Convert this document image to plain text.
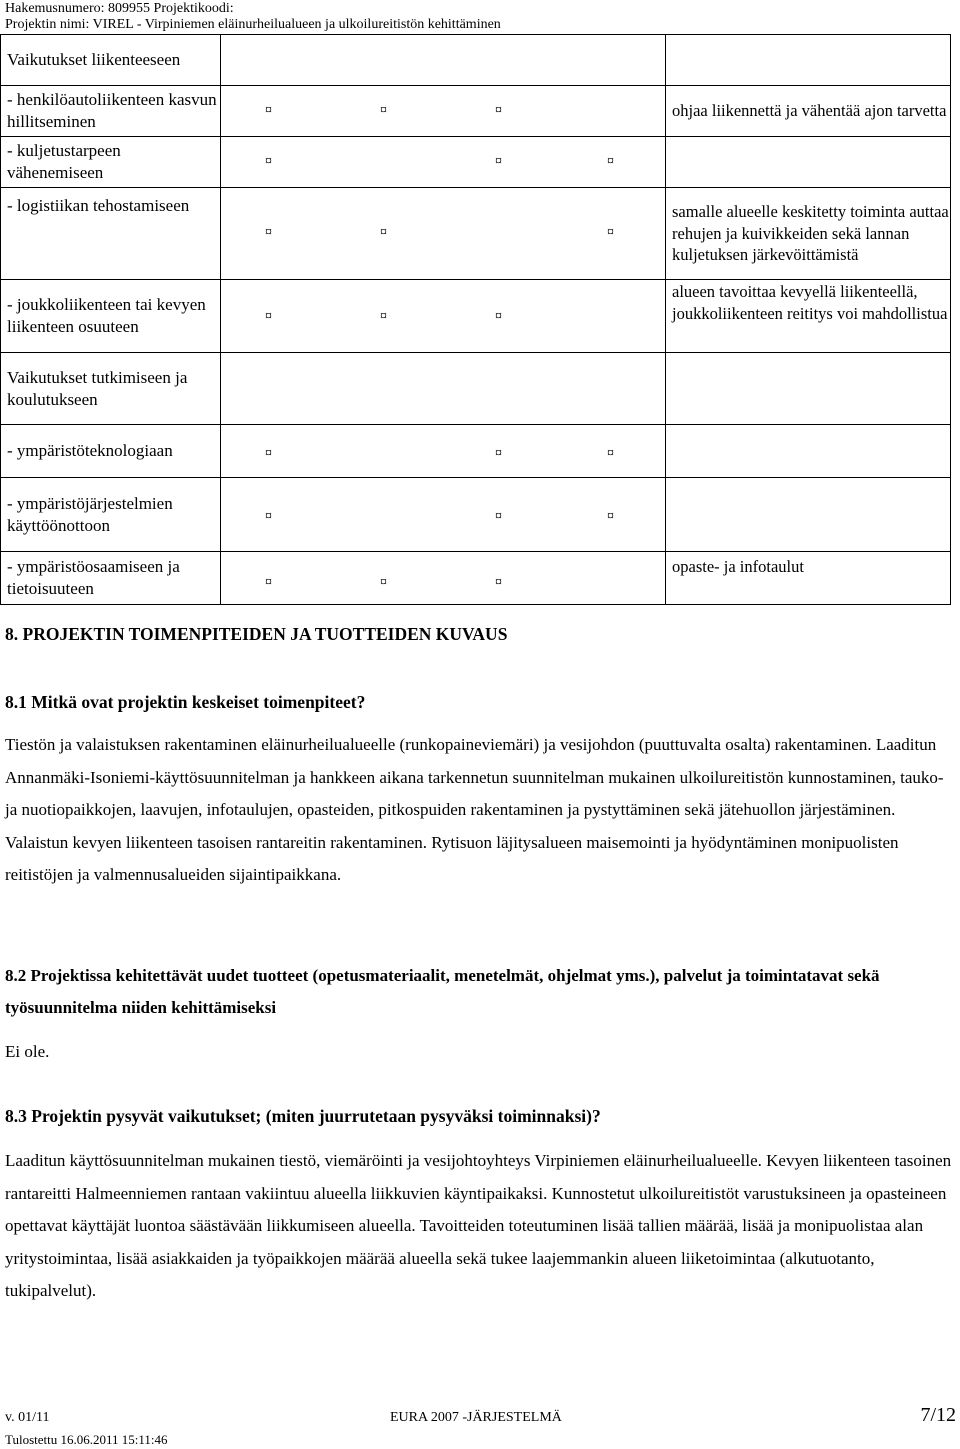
Hakemusnumero: 809955 Projektikoodi:
Projektin nimi: VIREL - Virpiniemen eläinurheilualueen ja ulkoilureitistön kehittäminen
Vaikutukset liikenteeseen		
- henkilöautoliikenteen kasvun hillitseminen	¤ ¤ ¤	ohjaa liikennettä ja vähentää ajon tarvetta
- kuljetustarpeen vähenemiseen	¤ ¤ ¤	

- logistiikan tehostamiseen	¤ ¤ ¤	samalle alueelle keskitetty toiminta auttaa rehujen ja kuivikkeiden sekä lannan kuljetuksen järkevöittämistä
- joukkoliikenteen tai kevyen liikenteen osuuteen	¤ ¤ ¤	alueen tavoittaa kevyellä liikenteellä, joukkoliikenteen reititys voi mahdollistua
Vaikutukset tutkimiseen ja koulutukseen		
- ympäristöteknologiaan	¤ ¤ ¤	

- ympäristöjärjestelmien käyttöönottoon	¤ ¤ ¤	

- ympäristöosaamiseen ja tietoisuuteen	¤ ¤ ¤	opaste- ja infotaulut
8. PROJEKTIN TOIMENPITEIDEN JA TUOTTEIDEN KUVAUS
8.1 Mitkä ovat projektin keskeiset toimenpiteet?
Tiestön ja valaistuksen rakentaminen eläinurheilualueelle (runkopaineviemäri) ja vesijohdon (puuttuvalta osalta) rakentaminen. Laaditun Annanmäki-Isoniemi-käyttösuunnitelman ja hankkeen aikana tarkennetun suunnitelman mukainen ulkoilureitistön kunnostaminen, tauko- ja nuotiopaikkojen, laavujen, infotaulujen, opasteiden, pitkospuiden rakentaminen ja pystyttäminen sekä jätehuollon järjestäminen. Valaistun kevyen liikenteen tasoisen rantareitin rakentaminen. Rytisuon läjitysalueen maisemointi ja hyödyntäminen monipuolisten reitistöjen ja valmennusalueiden sijaintipaikkana.
8.2 Projektissa kehitettävät uudet tuotteet (opetusmateriaalit, menetelmät, ohjelmat yms.), palvelut ja toimintatavat sekä työsuunnitelma niiden kehittämiseksi
Ei ole.
8.3 Projektin pysyvät vaikutukset; (miten juurrutetaan pysyväksi toiminnaksi)?
Laaditun käyttösuunnitelman mukainen tiestö, viemäröinti ja vesijohtoyhteys Virpiniemen eläinurheilualueelle. Kevyen liikenteen tasoinen rantareitti Halmeenniemen rantaan vakiintuu alueella liikkuvien käyntipaikaksi. Kunnostetut ulkoilureitistöt varustuksineen ja opasteineen opettavat käyttäjät luontoa säästävään liikkumiseen alueella. Tavoitteiden toteutuminen lisää tallien määrää, lisää ja monipuolistaa alan yritystoimintaa, lisää asiakkaiden ja työpaikkojen määrää alueella sekä tukee laajemmankin alueen liiketoimintaa (alkutuotanto, tukipalvelut).
v. 01/11	EURA 2007 -JÄRJESTELMÄ	7/12
Tulostettu 16.06.2011 15:11:46
